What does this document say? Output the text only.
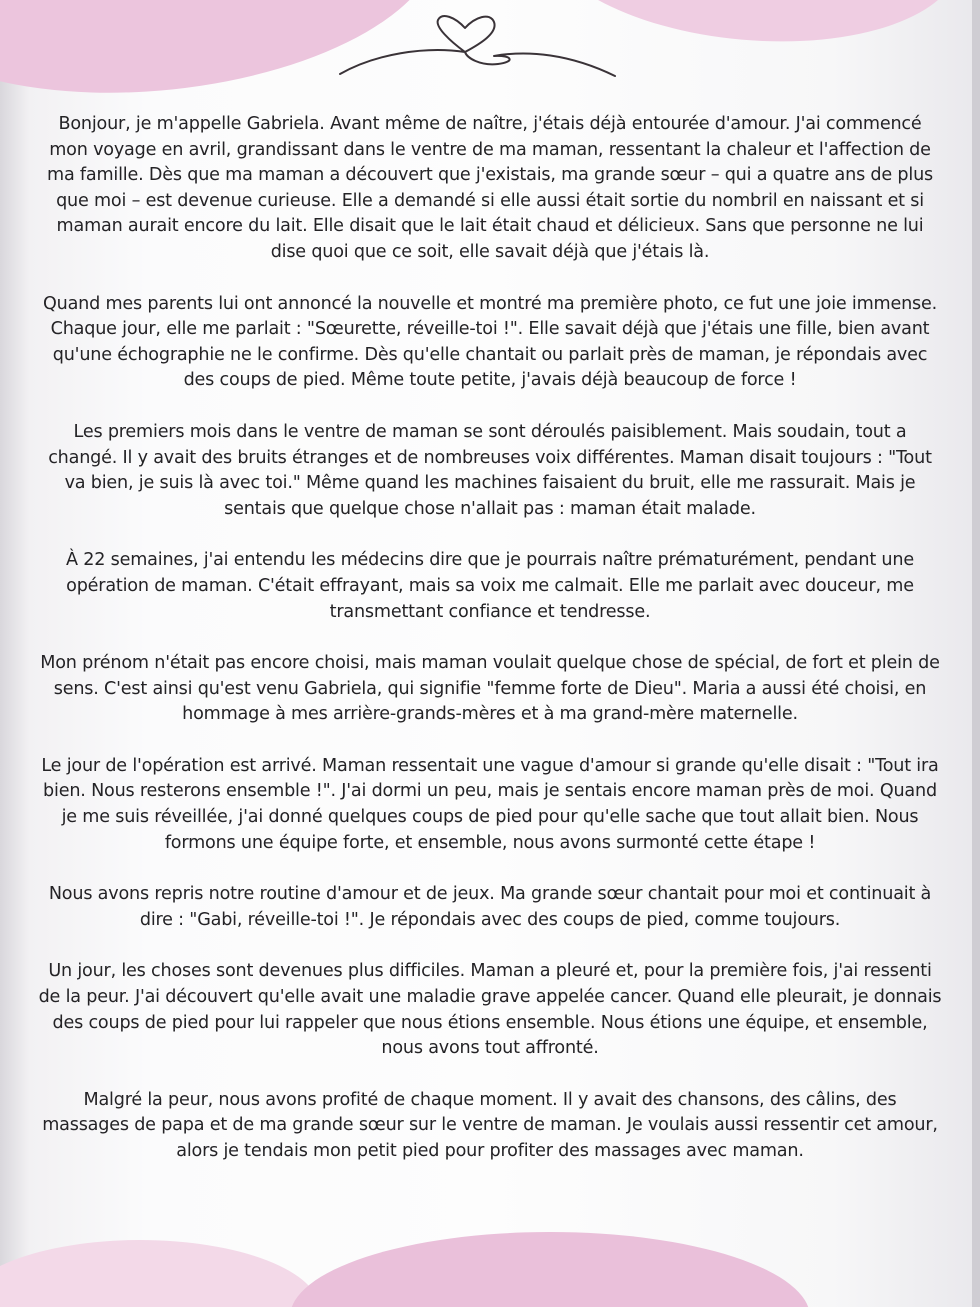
Bonjour, je m'appelle Gabriela. Avant même de naître, j'étais déjà entourée d'amour. J'ai commencé mon voyage en avril, grandissant dans le ventre de ma maman, ressentant la chaleur et l'affection de ma famille. Dès que ma maman a découvert que j'existais, ma grande sœur – qui a quatre ans de plus que moi – est devenue curieuse. Elle a demandé si elle aussi était sortie du nombril en naissant et si maman aurait encore du lait. Elle disait que le lait était chaud et délicieux. Sans que personne ne lui dise quoi que ce soit, elle savait déjà que j'étais là.

Quand mes parents lui ont annoncé la nouvelle et montré ma première photo, ce fut une joie immense. Chaque jour, elle me parlait : "Sœurette, réveille-toi !". Elle savait déjà que j'étais une fille, bien avant qu'une échographie ne le confirme. Dès qu'elle chantait ou parlait près de maman, je répondais avec des coups de pied. Même toute petite, j'avais déjà beaucoup de force !

Les premiers mois dans le ventre de maman se sont déroulés paisiblement. Mais soudain, tout a changé. Il y avait des bruits étranges et de nombreuses voix différentes. Maman disait toujours : "Tout va bien, je suis là avec toi." Même quand les machines faisaient du bruit, elle me rassurait. Mais je sentais que quelque chose n'allait pas : maman était malade.

À 22 semaines, j'ai entendu les médecins dire que je pourrais naître prématurément, pendant une opération de maman. C'était effrayant, mais sa voix me calmait. Elle me parlait avec douceur, me transmettant confiance et tendresse.

Mon prénom n'était pas encore choisi, mais maman voulait quelque chose de spécial, de fort et plein de sens. C'est ainsi qu'est venu Gabriela, qui signifie "femme forte de Dieu". Maria a aussi été choisi, en hommage à mes arrière-grands-mères et à ma grand-mère maternelle.

Le jour de l'opération est arrivé. Maman ressentait une vague d'amour si grande qu'elle disait : "Tout ira bien. Nous resterons ensemble !". J'ai dormi un peu, mais je sentais encore maman près de moi. Quand je me suis réveillée, j'ai donné quelques coups de pied pour qu'elle sache que tout allait bien. Nous formons une équipe forte, et ensemble, nous avons surmonté cette étape !

Nous avons repris notre routine d'amour et de jeux. Ma grande sœur chantait pour moi et continuait à dire : "Gabi, réveille-toi !". Je répondais avec des coups de pied, comme toujours.

Un jour, les choses sont devenues plus difficiles. Maman a pleuré et, pour la première fois, j'ai ressenti de la peur. J'ai découvert qu'elle avait une maladie grave appelée cancer. Quand elle pleurait, je donnais des coups de pied pour lui rappeler que nous étions ensemble. Nous étions une équipe, et ensemble, nous avons tout affronté.

Malgré la peur, nous avons profité de chaque moment. Il y avait des chansons, des câlins, des massages de papa et de ma grande sœur sur le ventre de maman. Je voulais aussi ressentir cet amour, alors je tendais mon petit pied pour profiter des massages avec maman.
